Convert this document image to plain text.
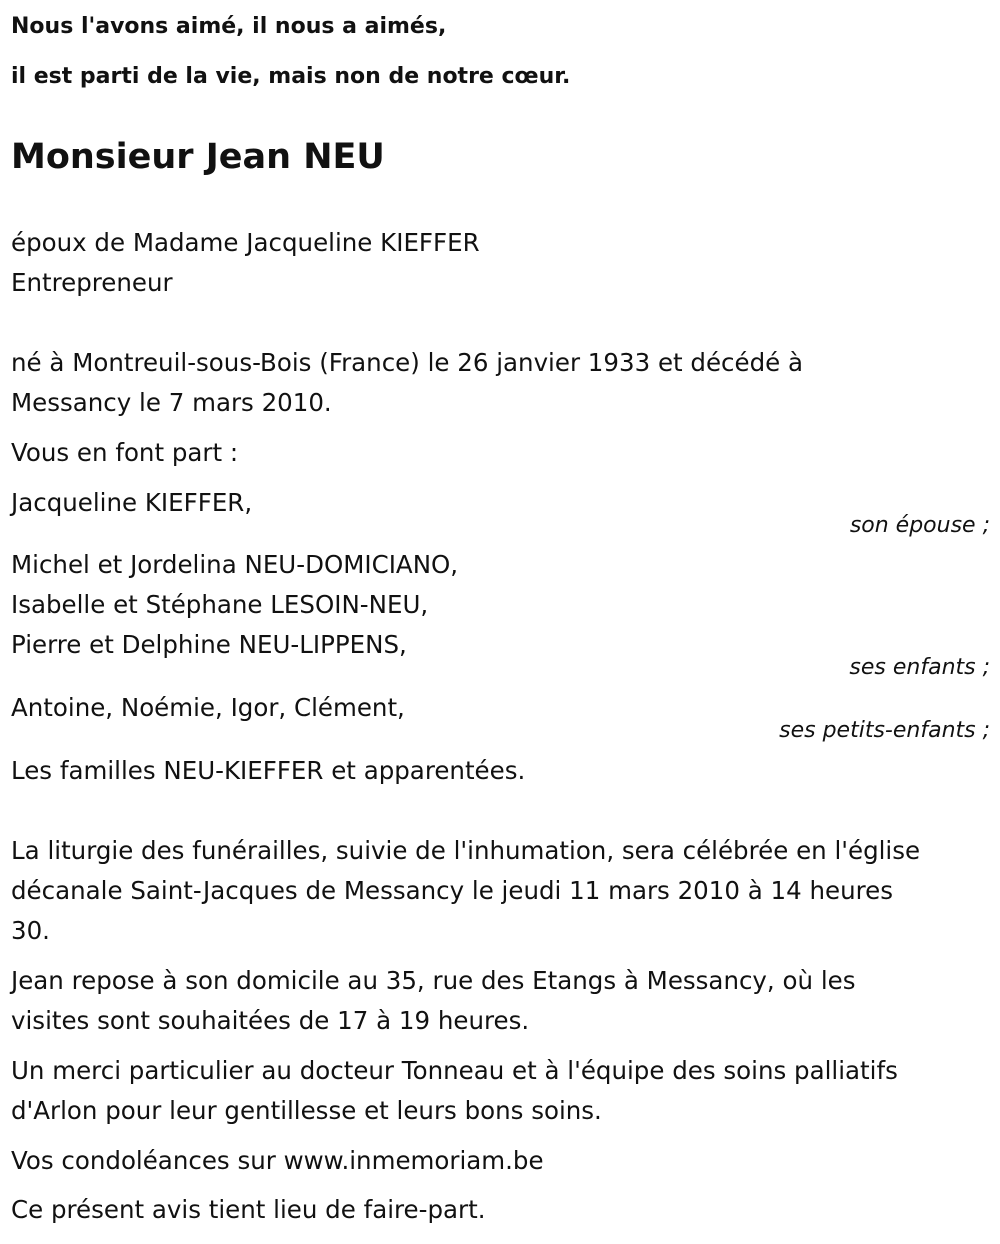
Nous l'avons aimé, il nous a aimés,
il est parti de la vie, mais non de notre cœur.
Monsieur Jean NEU
époux de Madame Jacqueline KIEFFER
Entrepreneur
né à Montreuil-sous-Bois (France) le 26 janvier 1933 et décédé à
Messancy le 7 mars 2010.
Vous en font part :
Jacqueline KIEFFER,
son épouse ;
Michel et Jordelina NEU-DOMICIANO,
Isabelle et Stéphane LESOIN-NEU,
Pierre et Delphine NEU-LIPPENS,
ses enfants ;
Antoine, Noémie, Igor, Clément,
ses petits-enfants ;
Les familles NEU-KIEFFER et apparentées.
La liturgie des funérailles, suivie de l'inhumation, sera célébrée en l'église
décanale Saint-Jacques de Messancy le jeudi 11 mars 2010 à 14 heures
30.
Jean repose à son domicile au 35, rue des Etangs à Messancy, où les
visites sont souhaitées de 17 à 19 heures.
Un merci particulier au docteur Tonneau et à l'équipe des soins palliatifs
d'Arlon pour leur gentillesse et leurs bons soins.
Vos condoléances sur www.inmemoriam.be
Ce présent avis tient lieu de faire-part.
